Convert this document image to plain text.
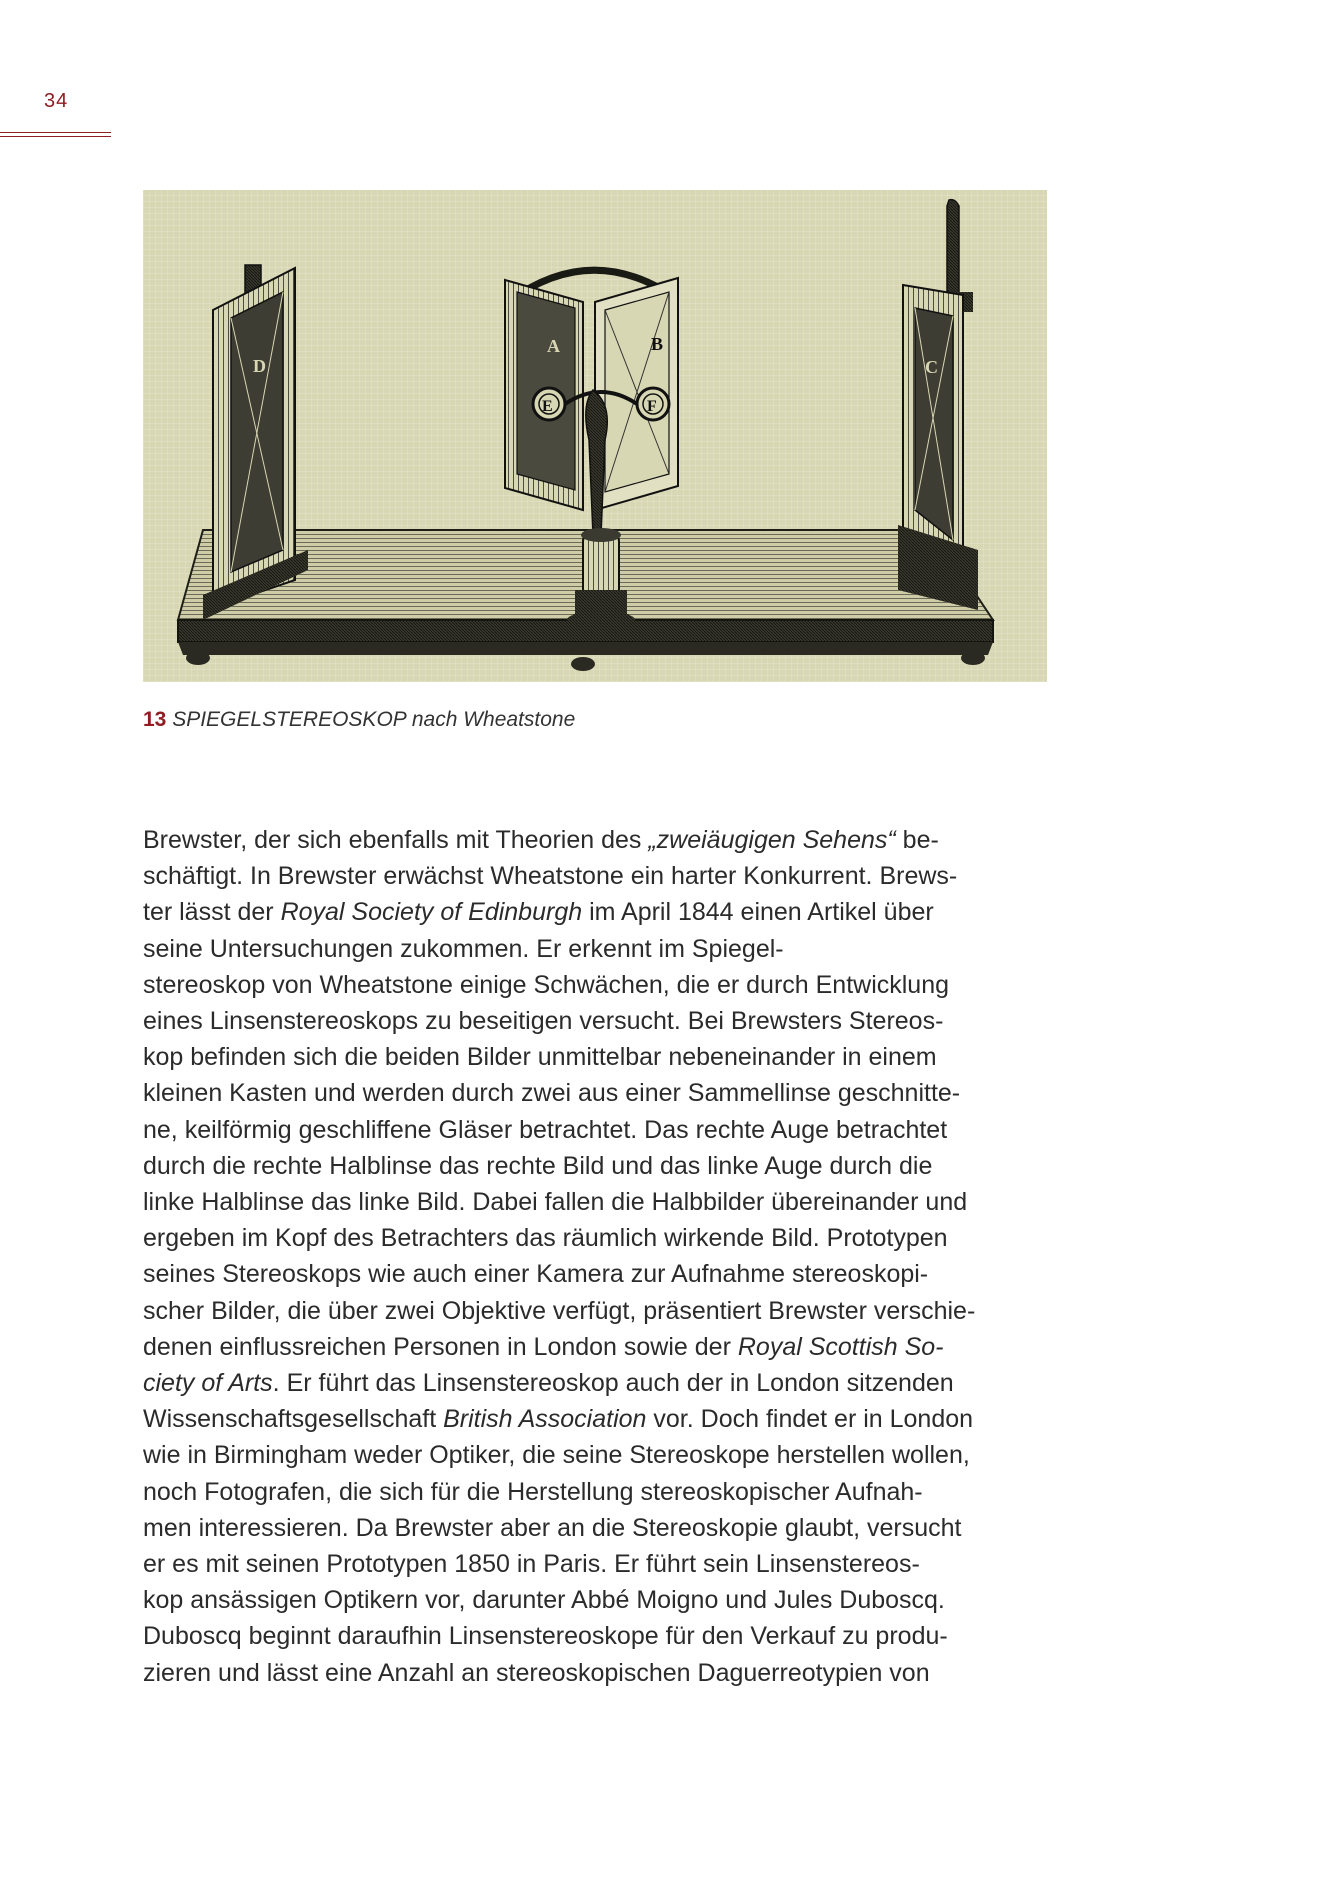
34
D
A	B
E	F
C
13 SPIEGELSTEREOSKOP nach Wheatstone
Brewster, der sich ebenfalls mit Theorien des „zweiäugigen Sehens“ be-
schäftigt. In Brewster erwächst Wheatstone ein harter Konkurrent. Brews-
ter lässt der Royal Society of Edinburgh im April 1844 einen Artikel über
seine Untersuchungen zukommen. Er erkennt im Spiegel-
stereoskop von Wheatstone einige Schwächen, die er durch Entwicklung
eines Linsenstereoskops zu beseitigen versucht. Bei Brewsters Stereos-
kop befinden sich die beiden Bilder unmittelbar nebeneinander in einem
kleinen Kasten und werden durch zwei aus einer Sammellinse geschnitte-
ne, keilförmig geschliffene Gläser betrachtet. Das rechte Auge betrachtet
durch die rechte Halblinse das rechte Bild und das linke Auge durch die
linke Halblinse das linke Bild. Dabei fallen die Halbbilder übereinander und
ergeben im Kopf des Betrachters das räumlich wirkende Bild. Prototypen
seines Stereoskops wie auch einer Kamera zur Aufnahme stereoskopi-
scher Bilder, die über zwei Objektive verfügt, präsentiert Brewster verschie-
denen einflussreichen Personen in London sowie der Royal Scottish So-
ciety of Arts. Er führt das Linsenstereoskop auch der in London sitzenden
Wissenschaftsgesellschaft British Association vor. Doch findet er in London
wie in Birmingham weder Optiker, die seine Stereoskope herstellen wollen,
noch Fotografen, die sich für die Herstellung stereoskopischer Aufnah-
men interessieren. Da Brewster aber an die Stereoskopie glaubt, versucht
er es mit seinen Prototypen 1850 in Paris. Er führt sein Linsenstereos-
kop ansässigen Optikern vor, darunter Abbé Moigno und Jules Duboscq.
Duboscq beginnt daraufhin Linsenstereoskope für den Verkauf zu produ-
zieren und lässt eine Anzahl an stereoskopischen Daguerreotypien von
